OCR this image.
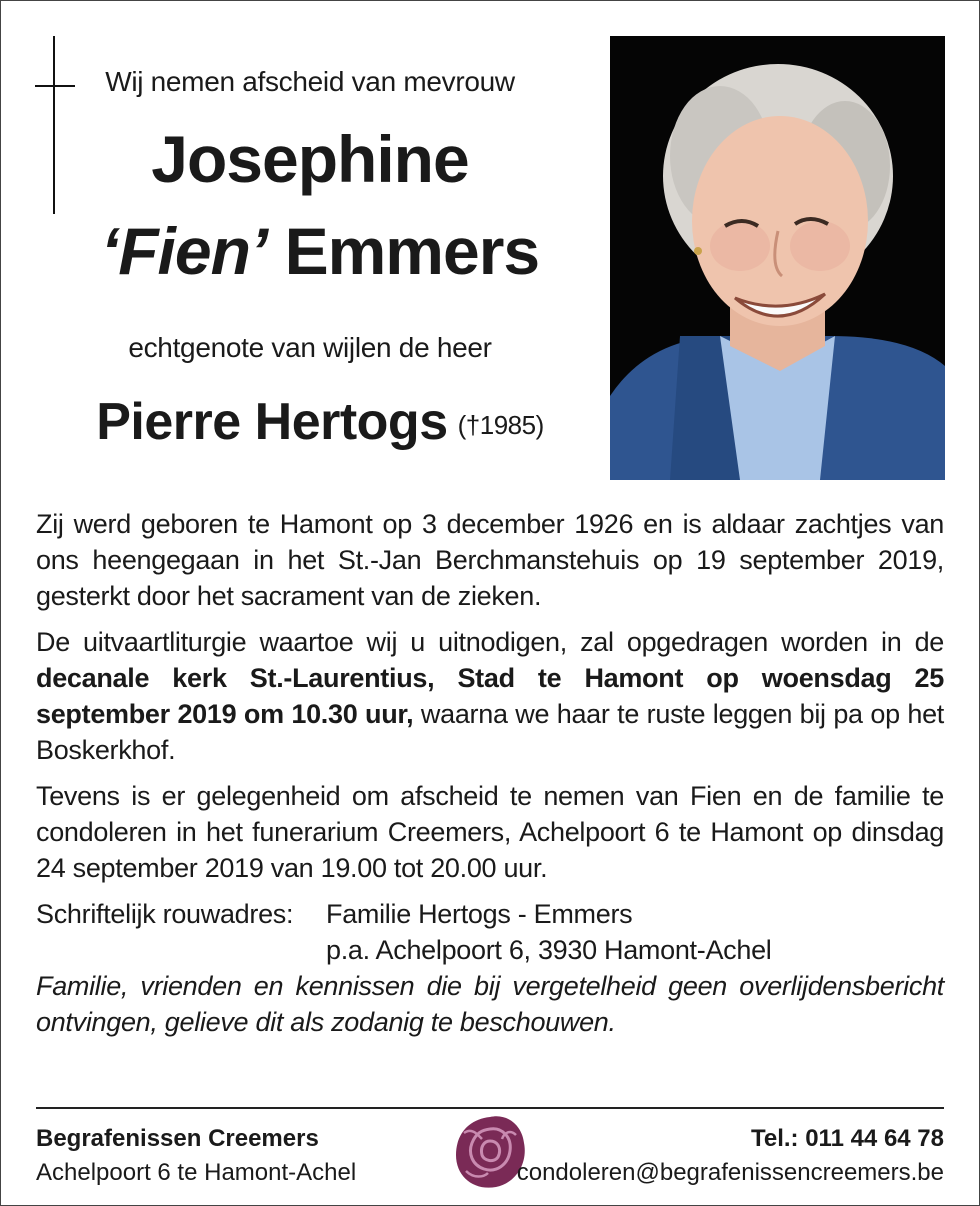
Wij nemen afscheid van mevrouw
Josephine
‘Fien’ Emmers
echtgenote van wijlen de heer
Pierre Hertogs (†1985)

Zij werd geboren te Hamont op 3 december 1926 en is aldaar zachtjes van ons heengegaan in het St.-Jan Berchmanstehuis op 19 september 2019, gesterkt door het sacrament van de zieken.

De uitvaartliturgie waartoe wij u uitnodigen, zal opgedragen worden in de decanale kerk St.-Laurentius, Stad te Hamont op woensdag 25 september 2019 om 10.30 uur, waarna we haar te ruste leggen bij pa op het Boskerkhof.

Tevens is er gelegenheid om afscheid te nemen van Fien en de familie te condoleren in het funerarium Creemers, Achelpoort 6 te Hamont op dinsdag 24 september 2019 van 19.00 tot 20.00 uur.

Schriftelijk rouwadres:	Familie Hertogs - Emmers
p.a. Achelpoort 6, 3930 Hamont-Achel

Familie, vrienden en kennissen die bij vergetelheid geen overlijdensbericht ontvingen, gelieve dit als zodanig te beschouwen.

Begrafenissen Creemers
Achelpoort 6 te Hamont-Achel
Tel.: 011 44 64 78
condoleren@begrafenissencreemers.be
